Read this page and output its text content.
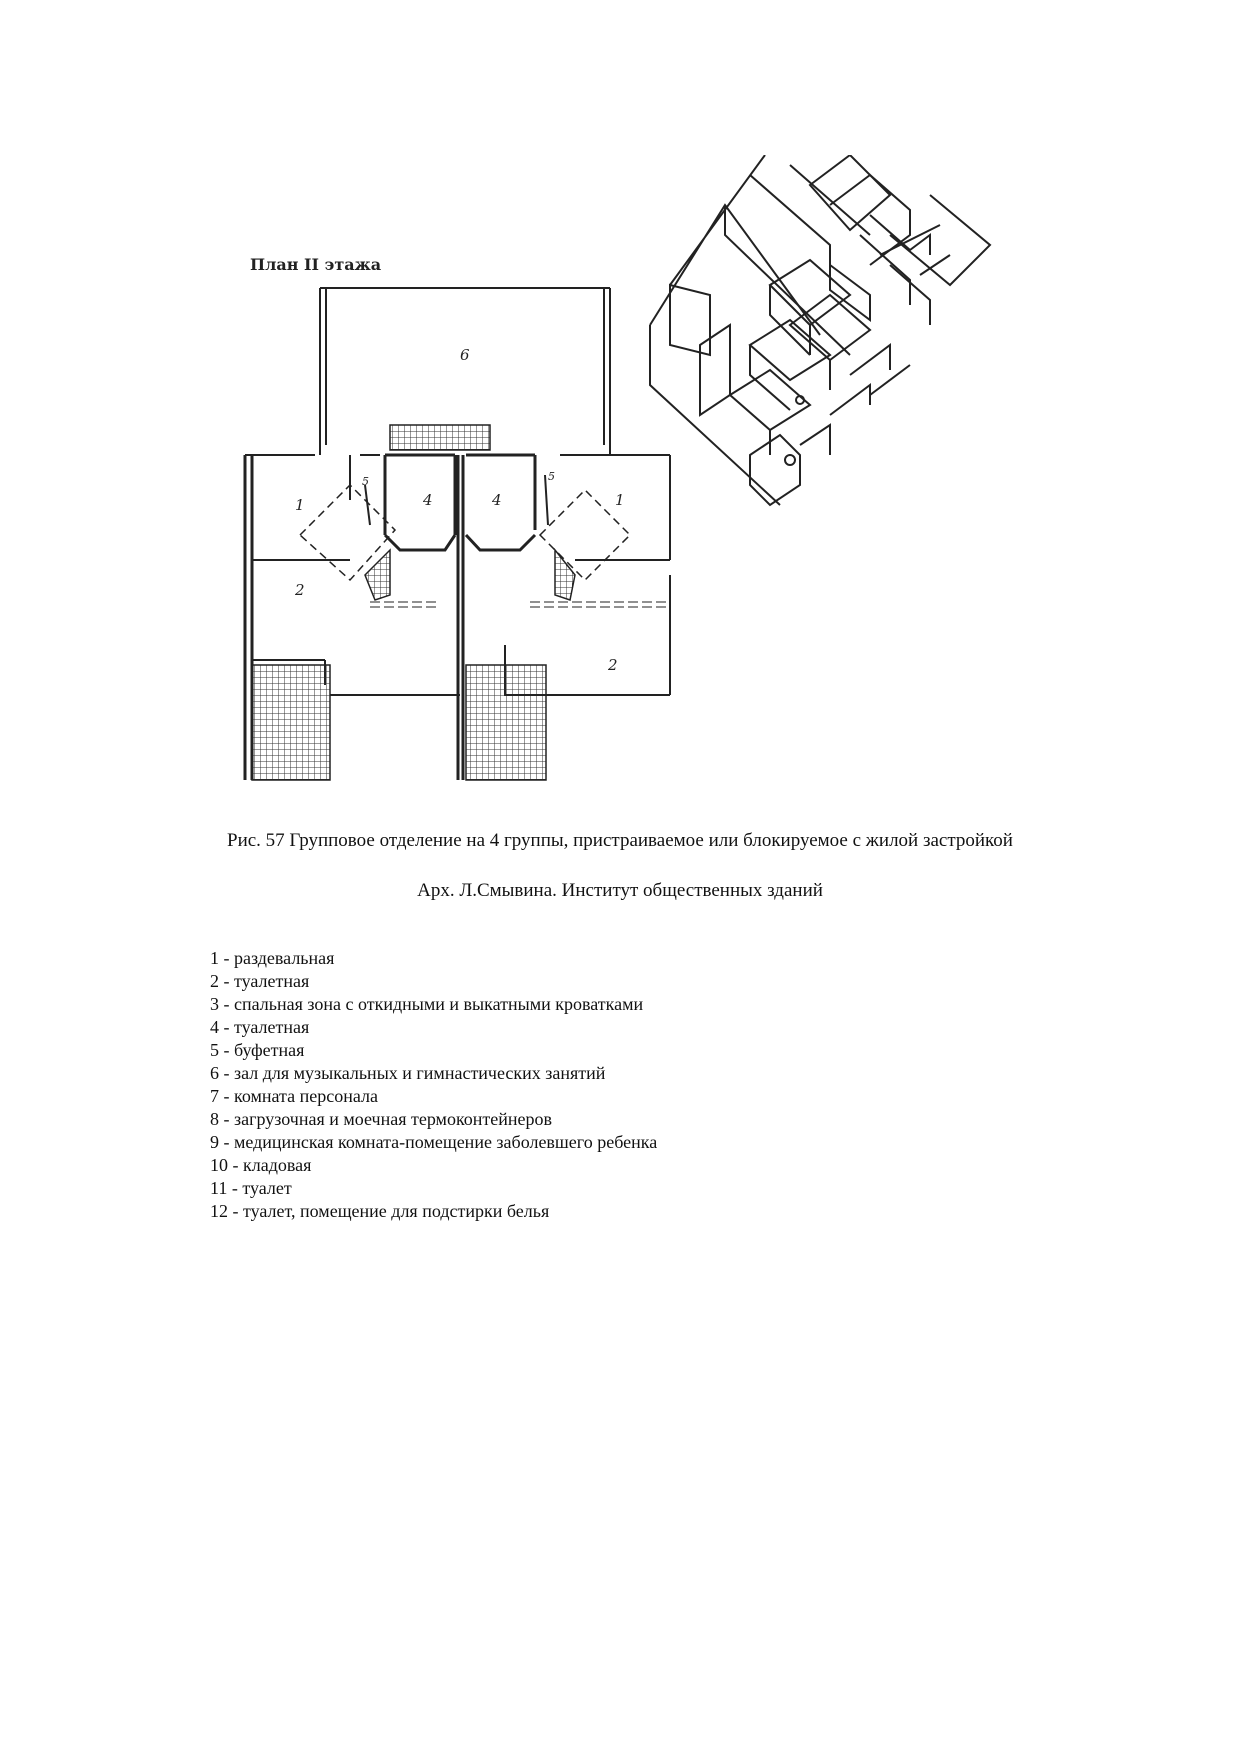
6
1
5
4	4
5
1
2
2
План II этажа
Рис. 57 Групповое отделение на 4 группы, пристраиваемое или блокируемое с жилой застройкой
Арх. Л.Смывина. Институт общественных зданий
1 - раздевальная
2 - туалетная
3 - спальная зона с откидными и выкатными кроватками
4 - туалетная
5 - буфетная
6 - зал для музыкальных и гимнастических занятий
7 - комната персонала
8 - загрузочная и моечная термоконтейнеров
9 - медицинская комната-помещение заболевшего ребенка
10 - кладовая
11 - туалет
12 - туалет, помещение для подстирки белья
